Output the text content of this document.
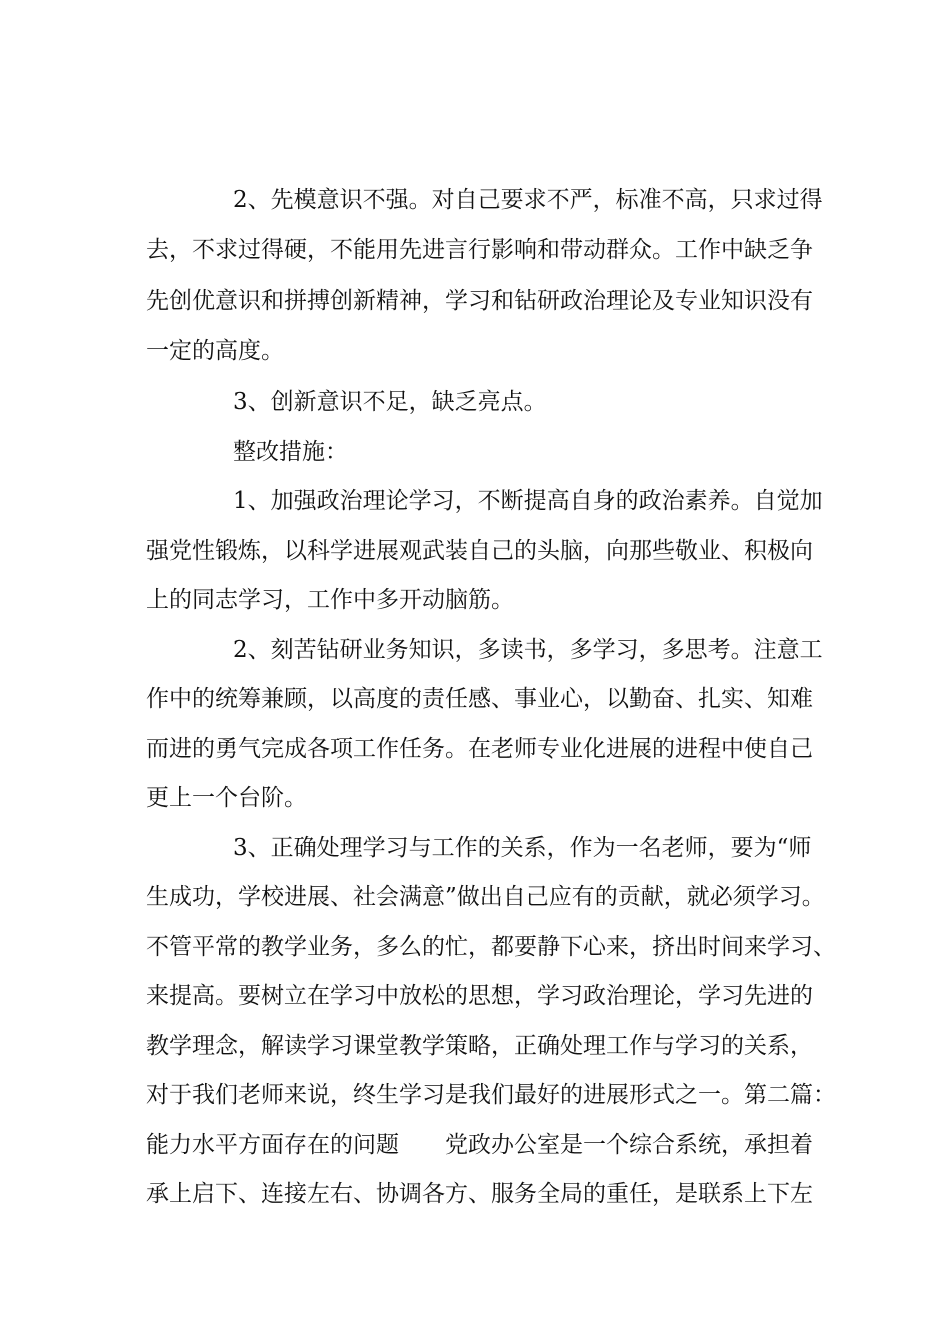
2、先模意识不强。对自己要求不严，标准不高，只求过得
去，不求过得硬，不能用先进言行影响和带动群众。工作中缺乏争
先创优意识和拼搏创新精神，学习和钻研政治理论及专业知识没有
一定的高度。
3、创新意识不足，缺乏亮点。
整改措施：
1、加强政治理论学习，不断提高自身的政治素养。自觉加
强党性锻炼，以科学进展观武装自己的头脑，向那些敬业、积极向
上的同志学习，工作中多开动脑筋。
2、刻苦钻研业务知识，多读书，多学习，多思考。注意工
作中的统筹兼顾，以高度的责任感、事业心，以勤奋、扎实、知难
而进的勇气完成各项工作任务。在老师专业化进展的进程中使自己
更上一个台阶。
3、正确处理学习与工作的关系，作为一名老师，要为“师
生成功，学校进展、社会满意”做出自己应有的贡献，就必须学习。
不管平常的教学业务，多么的忙，都要静下心来，挤出时间来学习、
来提高。要树立在学习中放松的思想，学习政治理论，学习先进的
教学理念，解读学习课堂教学策略，正确处理工作与学习的关系，
对于我们老师来说，终生学习是我们最好的进展形式之一。第二篇：
能力水平方面存在的问题　　党政办公室是一个综合系统，承担着
承上启下、连接左右、协调各方、服务全局的重任，是联系上下左
